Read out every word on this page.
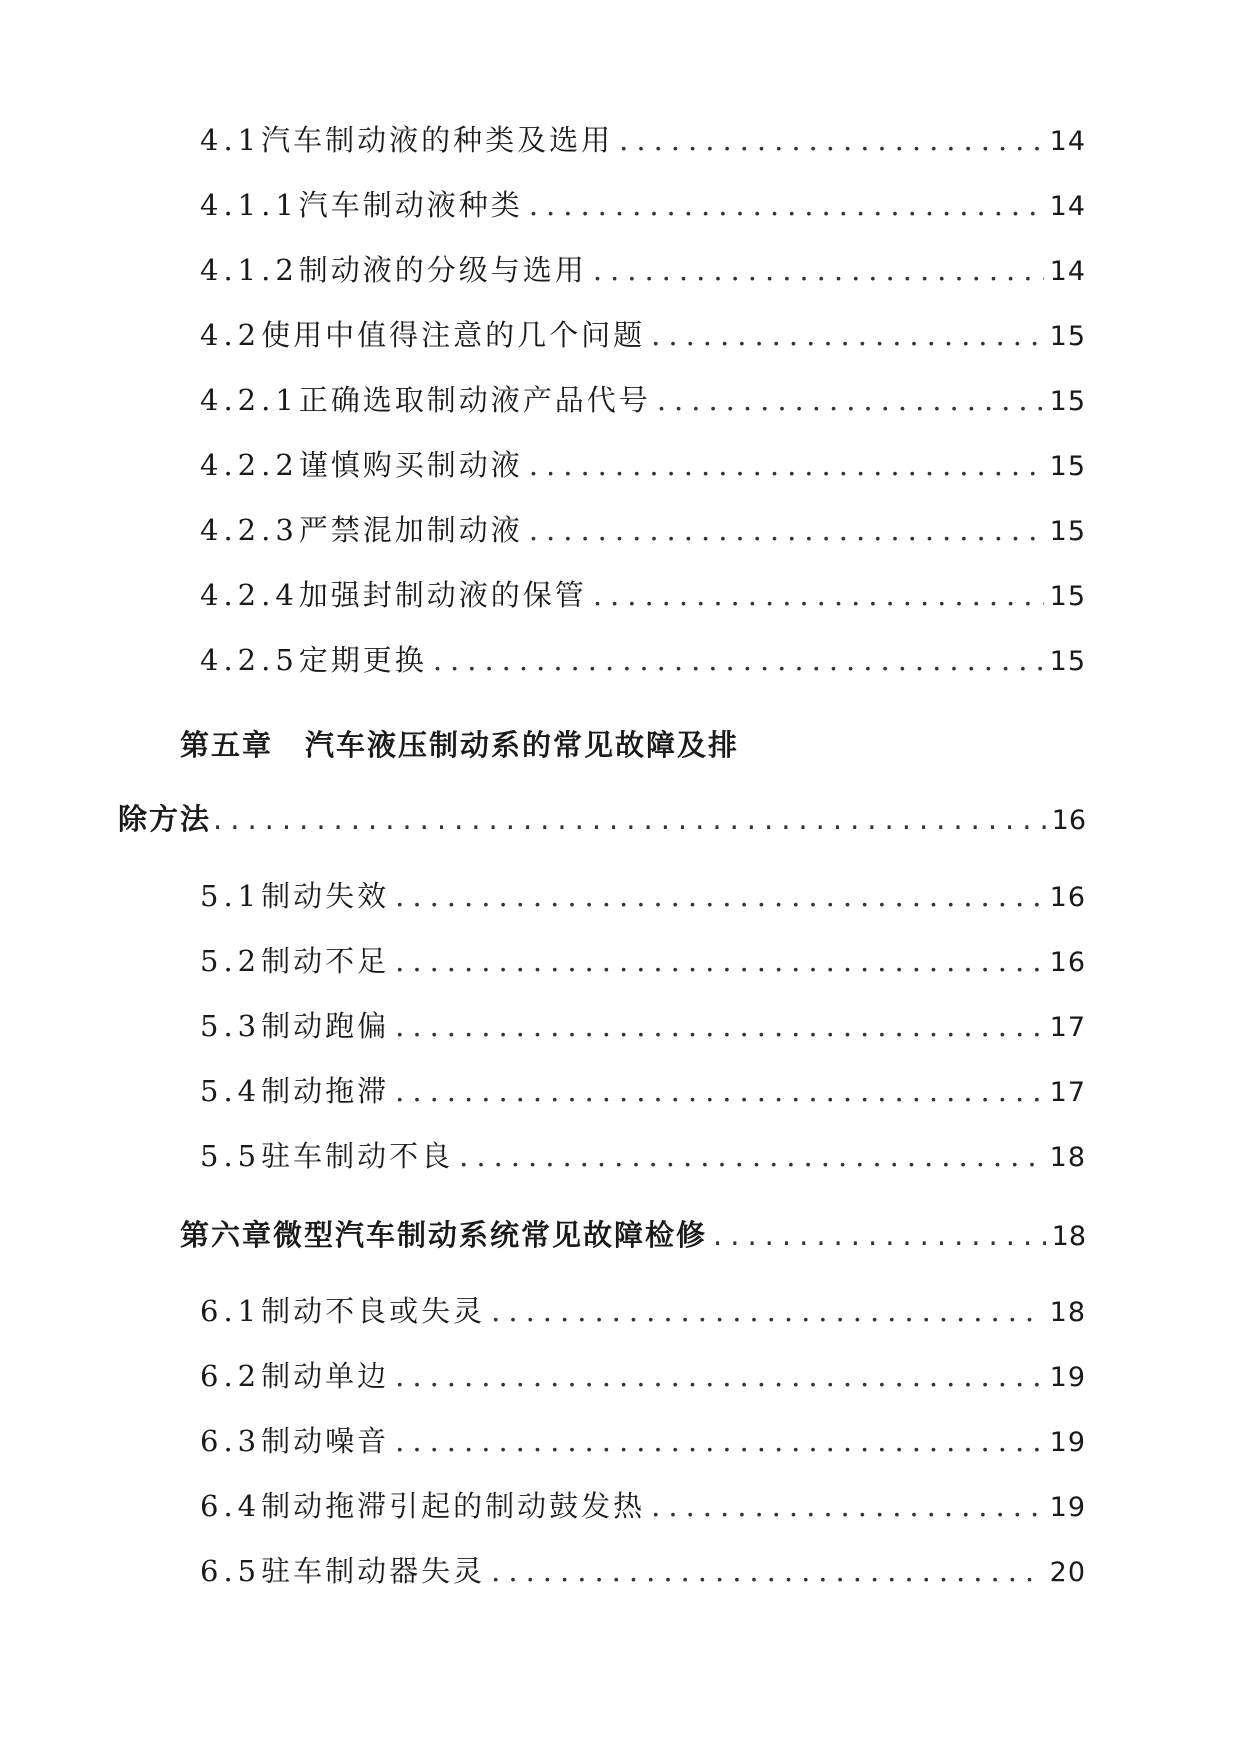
4.1 汽车制动液的种类及选用 .....	14
4.1.1 汽车制动液种类 .....	14
4.1.2 制动液的分级与选用 .....	14
4.2 使用中值得注意的几个问题 .....	15
4.2.1 正确选取制动液产品代号 .....	15
4.2.2 谨慎购买制动液 .....	15
4.2.3 严禁混加制动液 .....	15
4.2.4 加强封制动液的保管 .....	15
4.2.5 定期更换 .....	15
第五章	汽车液压制动系的常见故障及排
除方法 .....	16
5.1 制动失效 .....	16
5.2 制动不足 .....	16
5.3 制动跑偏 .....	17
5.4 制动拖滞 .....	17
5.5 驻车制动不良 .....	18
第六章 微型汽车制动系统常见故障检修 .....	18
6.1 制动不良或失灵 .....	18
6.2 制动单边 .....	19
6.3 制动噪音 .....	19
6.4 制动拖滞引起的制动鼓发热 .....	19
6.5 驻车制动器失灵 .....	20
